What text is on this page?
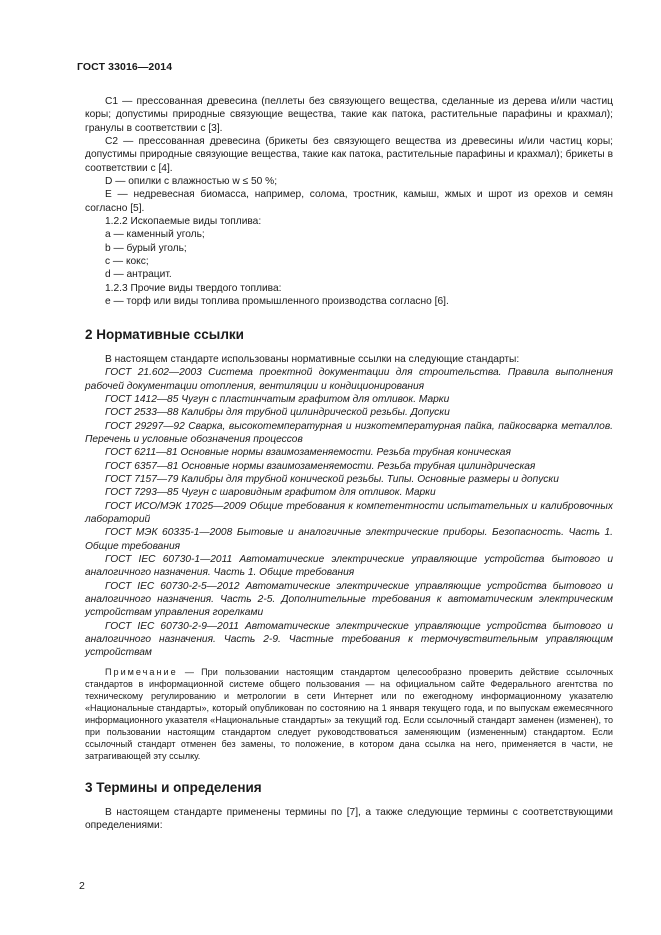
ГОСТ 33016—2014

С1 — прессованная древесина (пеллеты без связующего вещества, сделанные из дерева и/или частиц коры; допустимы природные связующие вещества, такие как патока, растительные парафины и крахмал); гранулы в соответствии с [3].

С2 — прессованная древесина (брикеты без связующего вещества из древесины и/или частиц коры; допустимы природные связующие вещества, такие как патока, растительные парафины и крахмал); брикеты в соответствии с [4].

D — опилки с влажностью w ≤ 50 %;

E — недревесная биомасса, например, солома, тростник, камыш, жмых и шрот из орехов и семян согласно [5].

1.2.2 Ископаемые виды топлива:

a — каменный уголь;

b — бурый уголь;

c — кокс;

d — антрацит.

1.2.3 Прочие виды твердого топлива:

e — торф или виды топлива промышленного производства согласно [6].

2 Нормативные ссылки

В настоящем стандарте использованы нормативные ссылки на следующие стандарты:

ГОСТ 21.602—2003 Система проектной документации для строительства. Правила выполнения рабочей документации отопления, вентиляции и кондиционирования

ГОСТ 1412—85 Чугун с пластинчатым графитом для отливок. Марки

ГОСТ 2533—88 Калибры для трубной цилиндрической резьбы. Допуски

ГОСТ 29297—92 Сварка, высокотемпературная и низкотемпературная пайка, пайкосварка металлов. Перечень и условные обозначения процессов

ГОСТ 6211—81 Основные нормы взаимозаменяемости. Резьба трубная коническая

ГОСТ 6357—81 Основные нормы взаимозаменяемости. Резьба трубная цилиндрическая

ГОСТ 7157—79 Калибры для трубной конической резьбы. Типы. Основные размеры и допуски

ГОСТ 7293—85 Чугун с шаровидным графитом для отливок. Марки

ГОСТ ИСО/МЭК 17025—2009 Общие требования к компетентности испытательных и калибровочных лабораторий

ГОСТ МЭК 60335-1—2008 Бытовые и аналогичные электрические приборы. Безопасность. Часть 1. Общие требования

ГОСТ IEC 60730-1—2011 Автоматические электрические управляющие устройства бытового и аналогичного назначения. Часть 1. Общие требования

ГОСТ IEC 60730-2-5—2012 Автоматические электрические управляющие устройства бытового и аналогичного назначения. Часть 2-5. Дополнительные требования к автоматическим электрическим устройствам управления горелками

ГОСТ IEC 60730-2-9—2011 Автоматические электрические управляющие устройства бытового и аналогичного назначения. Часть 2-9. Частные требования к термочувствительным управляющим устройствам

Примечание — При пользовании настоящим стандартом целесообразно проверить действие ссылочных стандартов в информационной системе общего пользования — на официальном сайте Федерального агентства по техническому регулированию и метрологии в сети Интернет или по ежегодному информационному указателю «Национальные стандарты», который опубликован по состоянию на 1 января текущего года, и по выпускам ежемесячного информационного указателя «Национальные стандарты» за текущий год. Если ссылочный стандарт заменен (изменен), то при пользовании настоящим стандартом следует руководствоваться заменяющим (измененным) стандартом. Если ссылочный стандарт отменен без замены, то положение, в котором дана ссылка на него, применяется в части, не затрагивающей эту ссылку.

3 Термины и определения

В настоящем стандарте применены термины по [7], а также следующие термины с соответствующими определениями:

2
